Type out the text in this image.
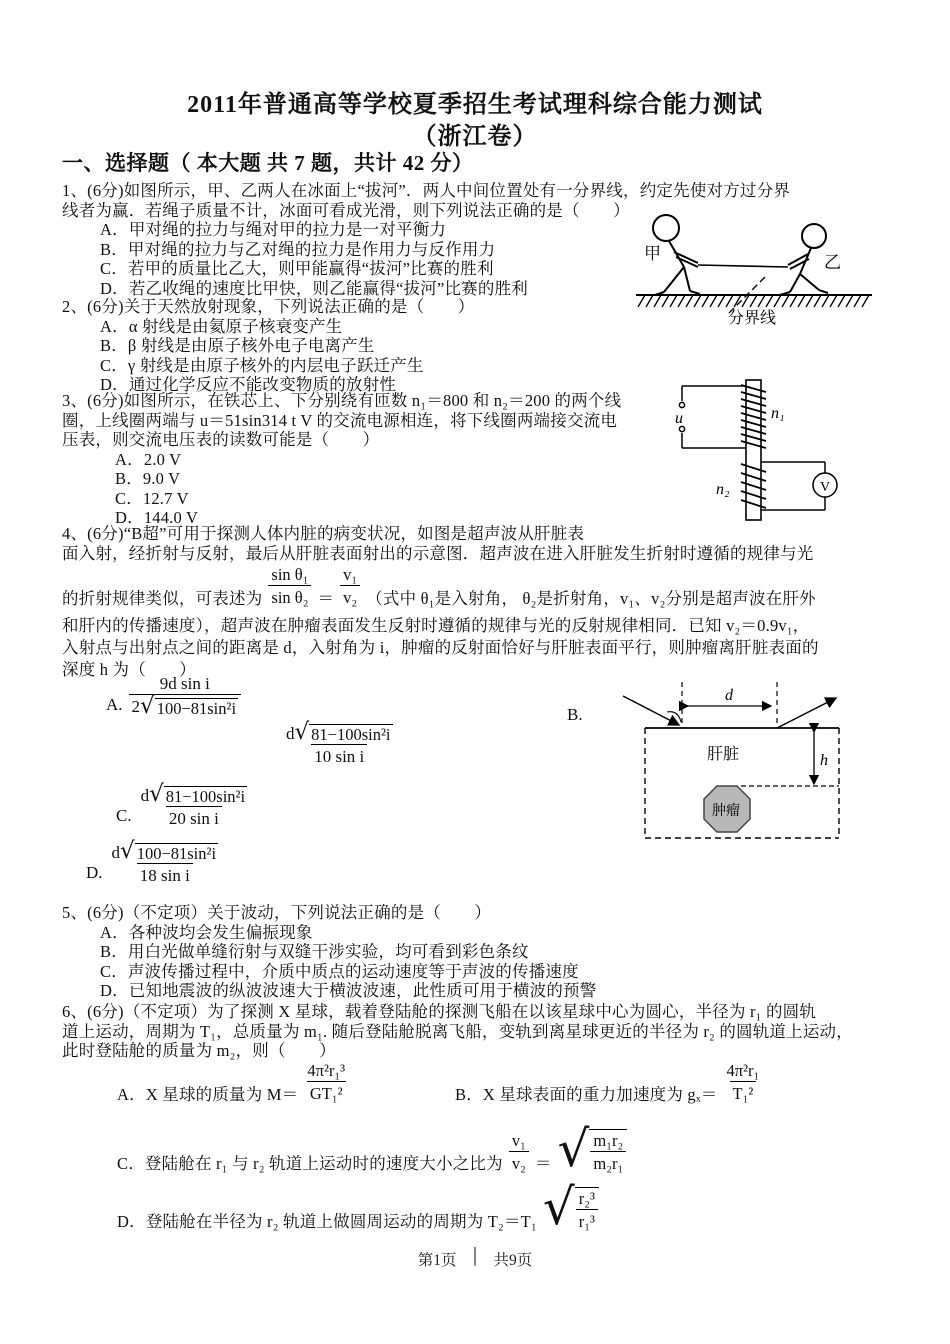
2011年普通高等学校夏季招生考试理科综合能力测试
（浙江卷）
一、选择题（ 本大题 共 7 题，共计 42 分）
1、(6分)如图所示，甲、乙两人在冰面上“拔河”．两人中间位置处有一分界线，约定先使对方过分界
线者为赢．若绳子质量不计，冰面可看成光滑，则下列说法正确的是（　　）
A．甲对绳的拉力与绳对甲的拉力是一对平衡力
B．甲对绳的拉力与乙对绳的拉力是作用力与反作用力
C．若甲的质量比乙大，则甲能赢得“拔河”比赛的胜利
D．若乙收绳的速度比甲快，则乙能赢得“拔河”比赛的胜利
甲	乙
分界线
2、(6分)关于天然放射现象，下列说法正确的是（　　）
A．α 射线是由氦原子核衰变产生
B．β 射线是由原子核外电子电离产生
C．γ 射线是由原子核外的内层电子跃迁产生
D．通过化学反应不能改变物质的放射性
3、(6分)如图所示，在铁芯上、下分别绕有匝数 n₁＝800 和 n₂＝200 的两个线
圈，上线圈两端与 u＝51sin314 t V 的交流电源相连，将下线圈两端接交流电
压表，则交流电压表的读数可能是（　　）
A．2.0 V
B．9.0 V
C．12.7 V
D．144.0 V
u	n₁
V
n₂
4、(6分)“B超”可用于探测人体内脏的病变状况，如图是超声波从肝脏表
面入射，经折射与反射，最后从肝脏表面射出的示意图．超声波在进入肝脏发生折射时遵循的规律与光
的折射规律类似，可表述为 $\frac{\text{sin θ₁}}{\text{sin θ₂}} = \frac{\text{v₁}}{\text{v₂}}$ （式中 θ₁是入射角， θ₂是折射角，v₁、v₂分别是超声波在肝外
和肝内的传播速度），超声波在肿瘤表面发生反射时遵循的规律与光的反射规律相同．已知 v₂＝0.9v₁，
入射点与出射点之间的距离是 d，入射角为 i，肿瘤的反射面恰好与肝脏表面平行，则肿瘤离肝脏表面的
深度 h 为（　　）
A. $\frac{\text{9d sin i}}{\text{2 √ 100−81sin²i}}$
$\frac{\text{d √ 81−100sin²i}}{\text{10 sin i}}$
B.
C. $\frac{\text{d √ 81−100sin²i}}{\text{20 sin i}}$
D. $\frac{\text{d √ 100−81sin²i}}{\text{18 sin i}}$
d
肝脏	h
肿瘤
5、(6分)（不定项）关于波动，下列说法正确的是（　　）
A．各种波均会发生偏振现象
B．用白光做单缝衍射与双缝干涉实验，均可看到彩色条纹
C．声波传播过程中，介质中质点的运动速度等于声波的传播速度
D．已知地震波的纵波波速大于横波波速，此性质可用于横波的预警
6、(6分)（不定项）为了探测 X 星球，载着登陆舱的探测飞船在以该星球中心为圆心，半径为 r₁ 的圆轨
道上运动，周期为 T₁，总质量为 m₁. 随后登陆舱脱离飞船，变轨到离星球更近的半径为 r₂ 的圆轨道上运动，
此时登陆舱的质量为 m₂，则（　　）
A．X 星球的质量为 $M= \frac{\text{4π²r₁³}}{\text{GT₁²}}$	B．X 星球表面的重力加速度为 $g_x= \frac{\text{4π²r₁}}{\text{T₁²}}$
C．登陆舱在 r₁ 与 r₂ 轨道上运动时的速度大小之比为 $\frac{\text{v₁}}{\text{v₂}}$ ＝ √ $\frac{\text{m₁r₂}}{\text{m₂r₁}}$
D．登陆舱在半径为 r₂ 轨道上做圆周运动的周期为 T₂＝T₁ √ $\frac{\text{r₂³}}{\text{r₁³}}$
第1页 │ 共9页
